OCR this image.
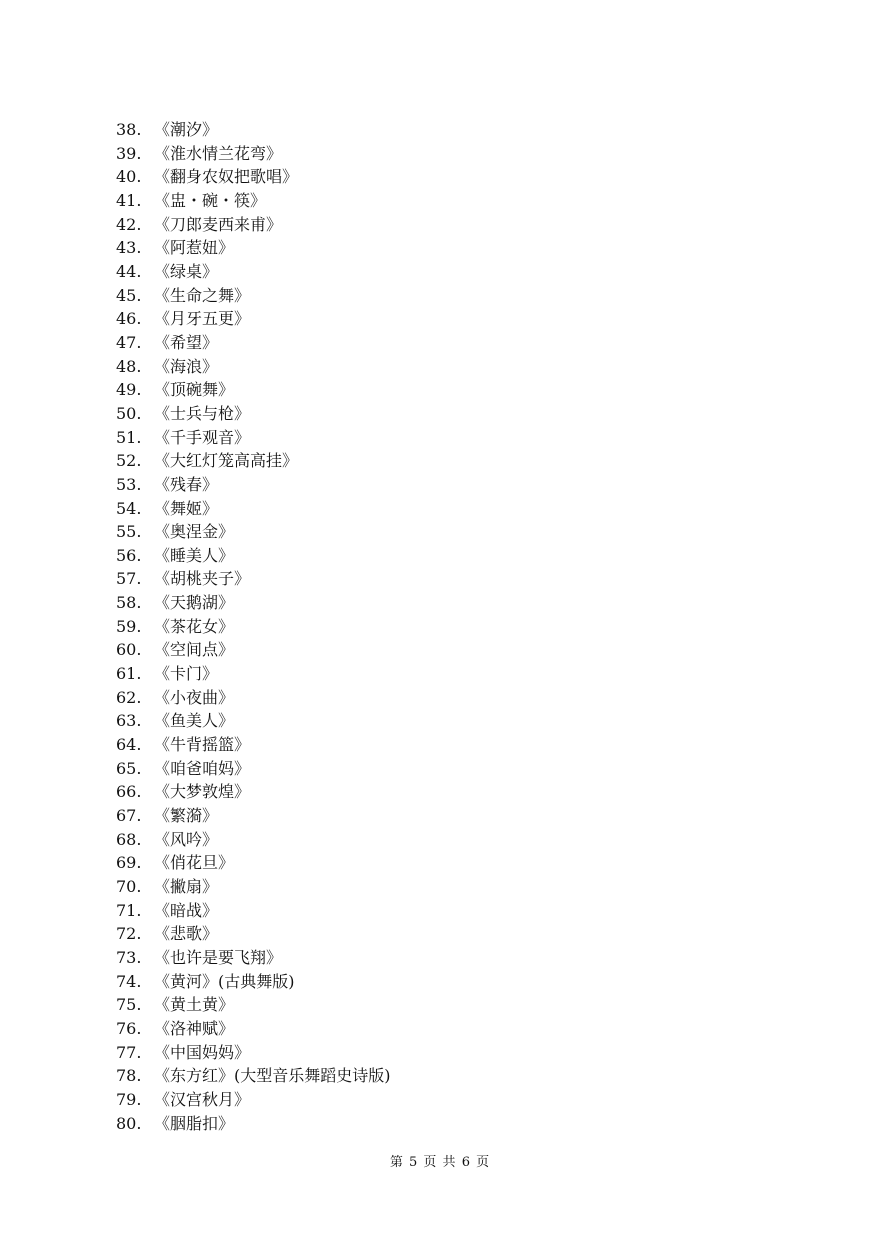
38. 《潮汐》
39. 《淮水情兰花弯》
40. 《翻身农奴把歌唱》
41. 《盅・碗・筷》
42. 《刀郎麦西来甫》
43. 《阿惹妞》
44. 《绿桌》
45. 《生命之舞》
46. 《月牙五更》
47. 《希望》
48. 《海浪》
49. 《顶碗舞》
50. 《士兵与枪》
51. 《千手观音》
52. 《大红灯笼高高挂》
53. 《残春》
54. 《舞姬》
55. 《奥涅金》
56. 《睡美人》
57. 《胡桃夹子》
58. 《天鹅湖》
59. 《茶花女》
60. 《空间点》
61. 《卡门》
62. 《小夜曲》
63. 《鱼美人》
64. 《牛背摇篮》
65. 《咱爸咱妈》
66. 《大梦敦煌》
67. 《繁漪》
68. 《风吟》
69. 《俏花旦》
70. 《撇扇》
71. 《暗战》
72. 《悲歌》
73. 《也许是要飞翔》
74. 《黄河》(古典舞版)
75. 《黄土黄》
76. 《洛神赋》
77. 《中国妈妈》
78. 《东方红》(大型音乐舞蹈史诗版)
79. 《汉宫秋月》
80. 《胭脂扣》
第 5 页 共 6 页
